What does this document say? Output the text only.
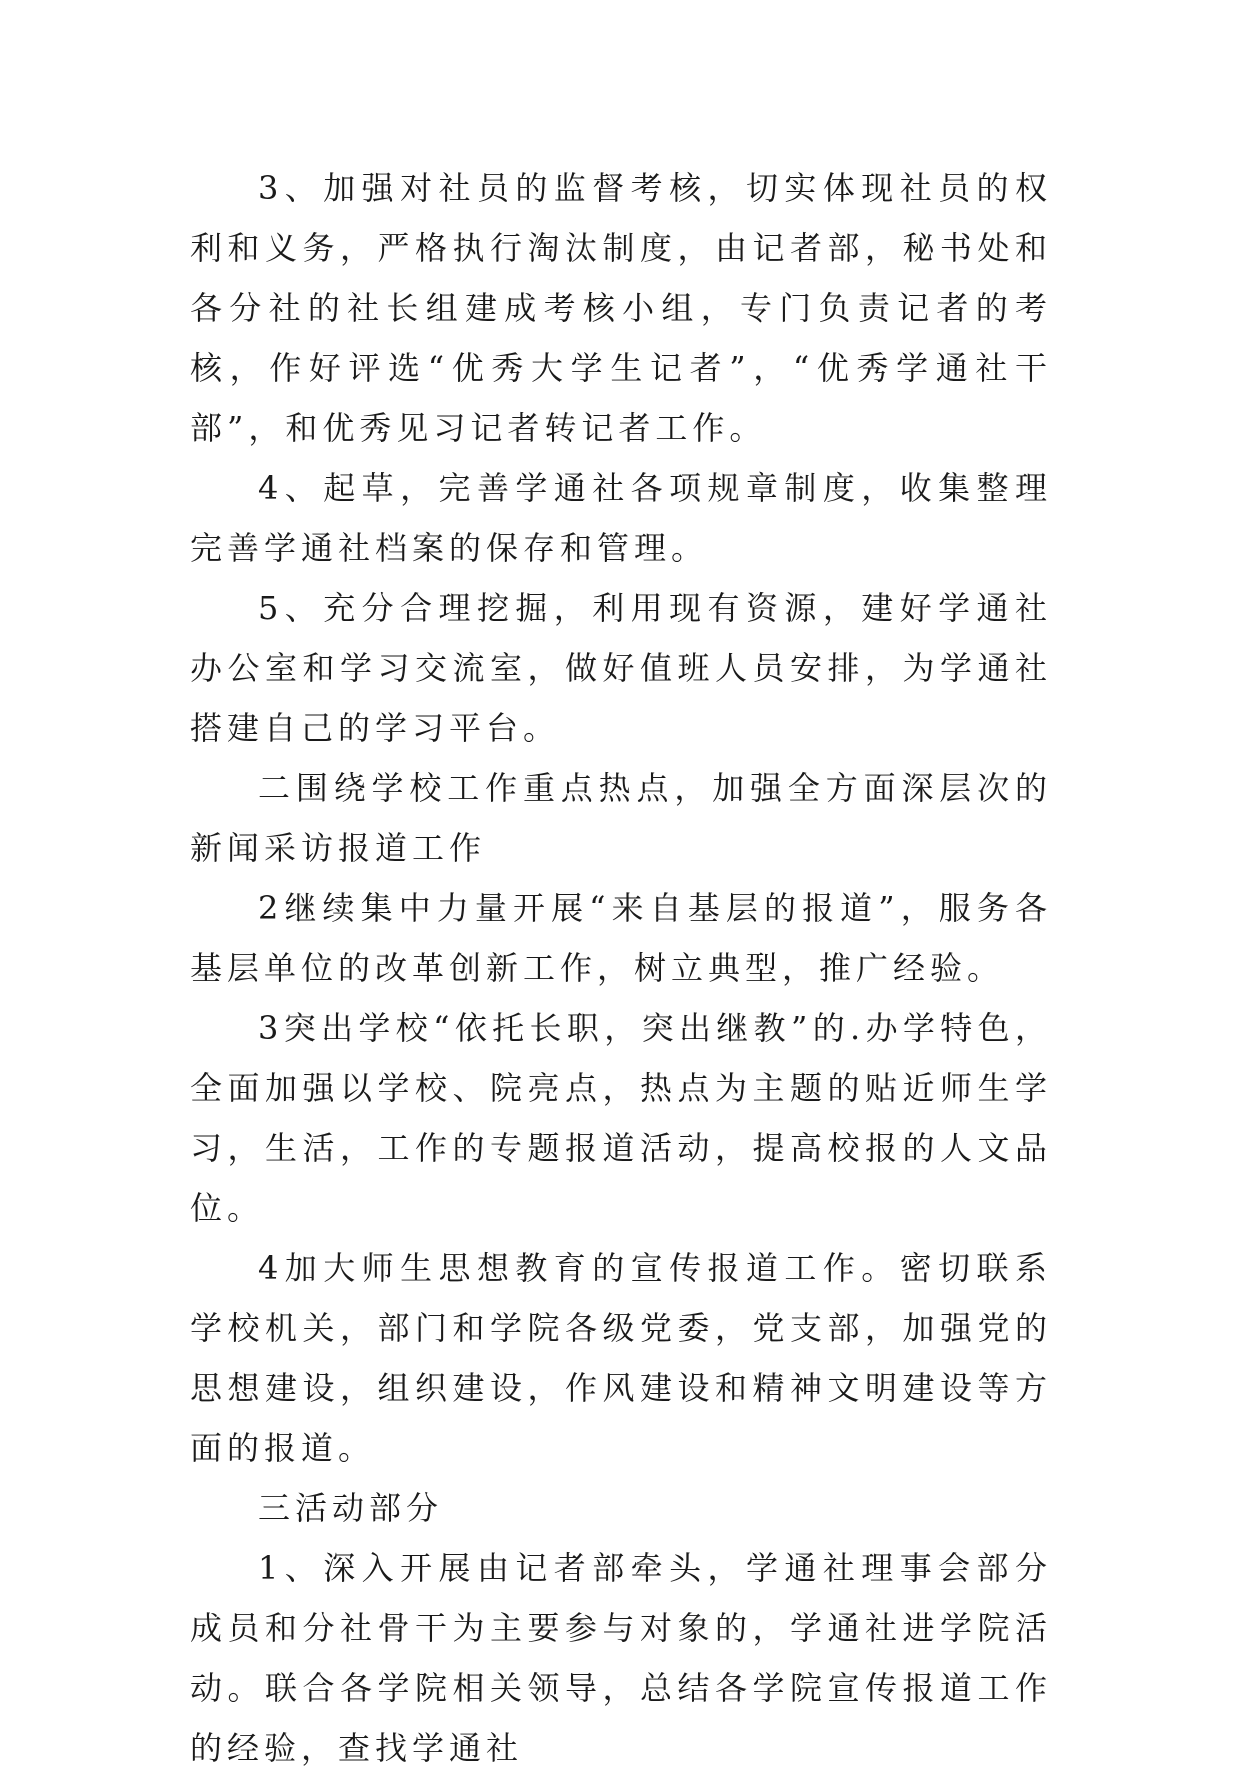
3、加强对社员的监督考核，切实体现社员的权利和义务，严格执行淘汰制度，由记者部，秘书处和各分社的社长组建成考核小组，专门负责记者的考核，作好评选“优秀大学生记者”，“优秀学通社干部”，和优秀见习记者转记者工作。

4、起草，完善学通社各项规章制度，收集整理完善学通社档案的保存和管理。

5、充分合理挖掘，利用现有资源，建好学通社办公室和学习交流室，做好值班人员安排，为学通社搭建自己的学习平台。

二围绕学校工作重点热点，加强全方面深层次的新闻采访报道工作

2继续集中力量开展“来自基层的报道”，服务各基层单位的改革创新工作，树立典型，推广经验。

3突出学校“依托长职，突出继教”的.办学特色，全面加强以学校、院亮点，热点为主题的贴近师生学习，生活，工作的专题报道活动，提高校报的人文品位。

4加大师生思想教育的宣传报道工作。密切联系学校机关，部门和学院各级党委，党支部，加强党的思想建设，组织建设，作风建设和精神文明建设等方面的报道。

三活动部分

1、深入开展由记者部牵头，学通社理事会部分成员和分社骨干为主要参与对象的，学通社进学院活动。联合各学院相关领导，总结各学院宣传报道工作的经验，查找学通社
